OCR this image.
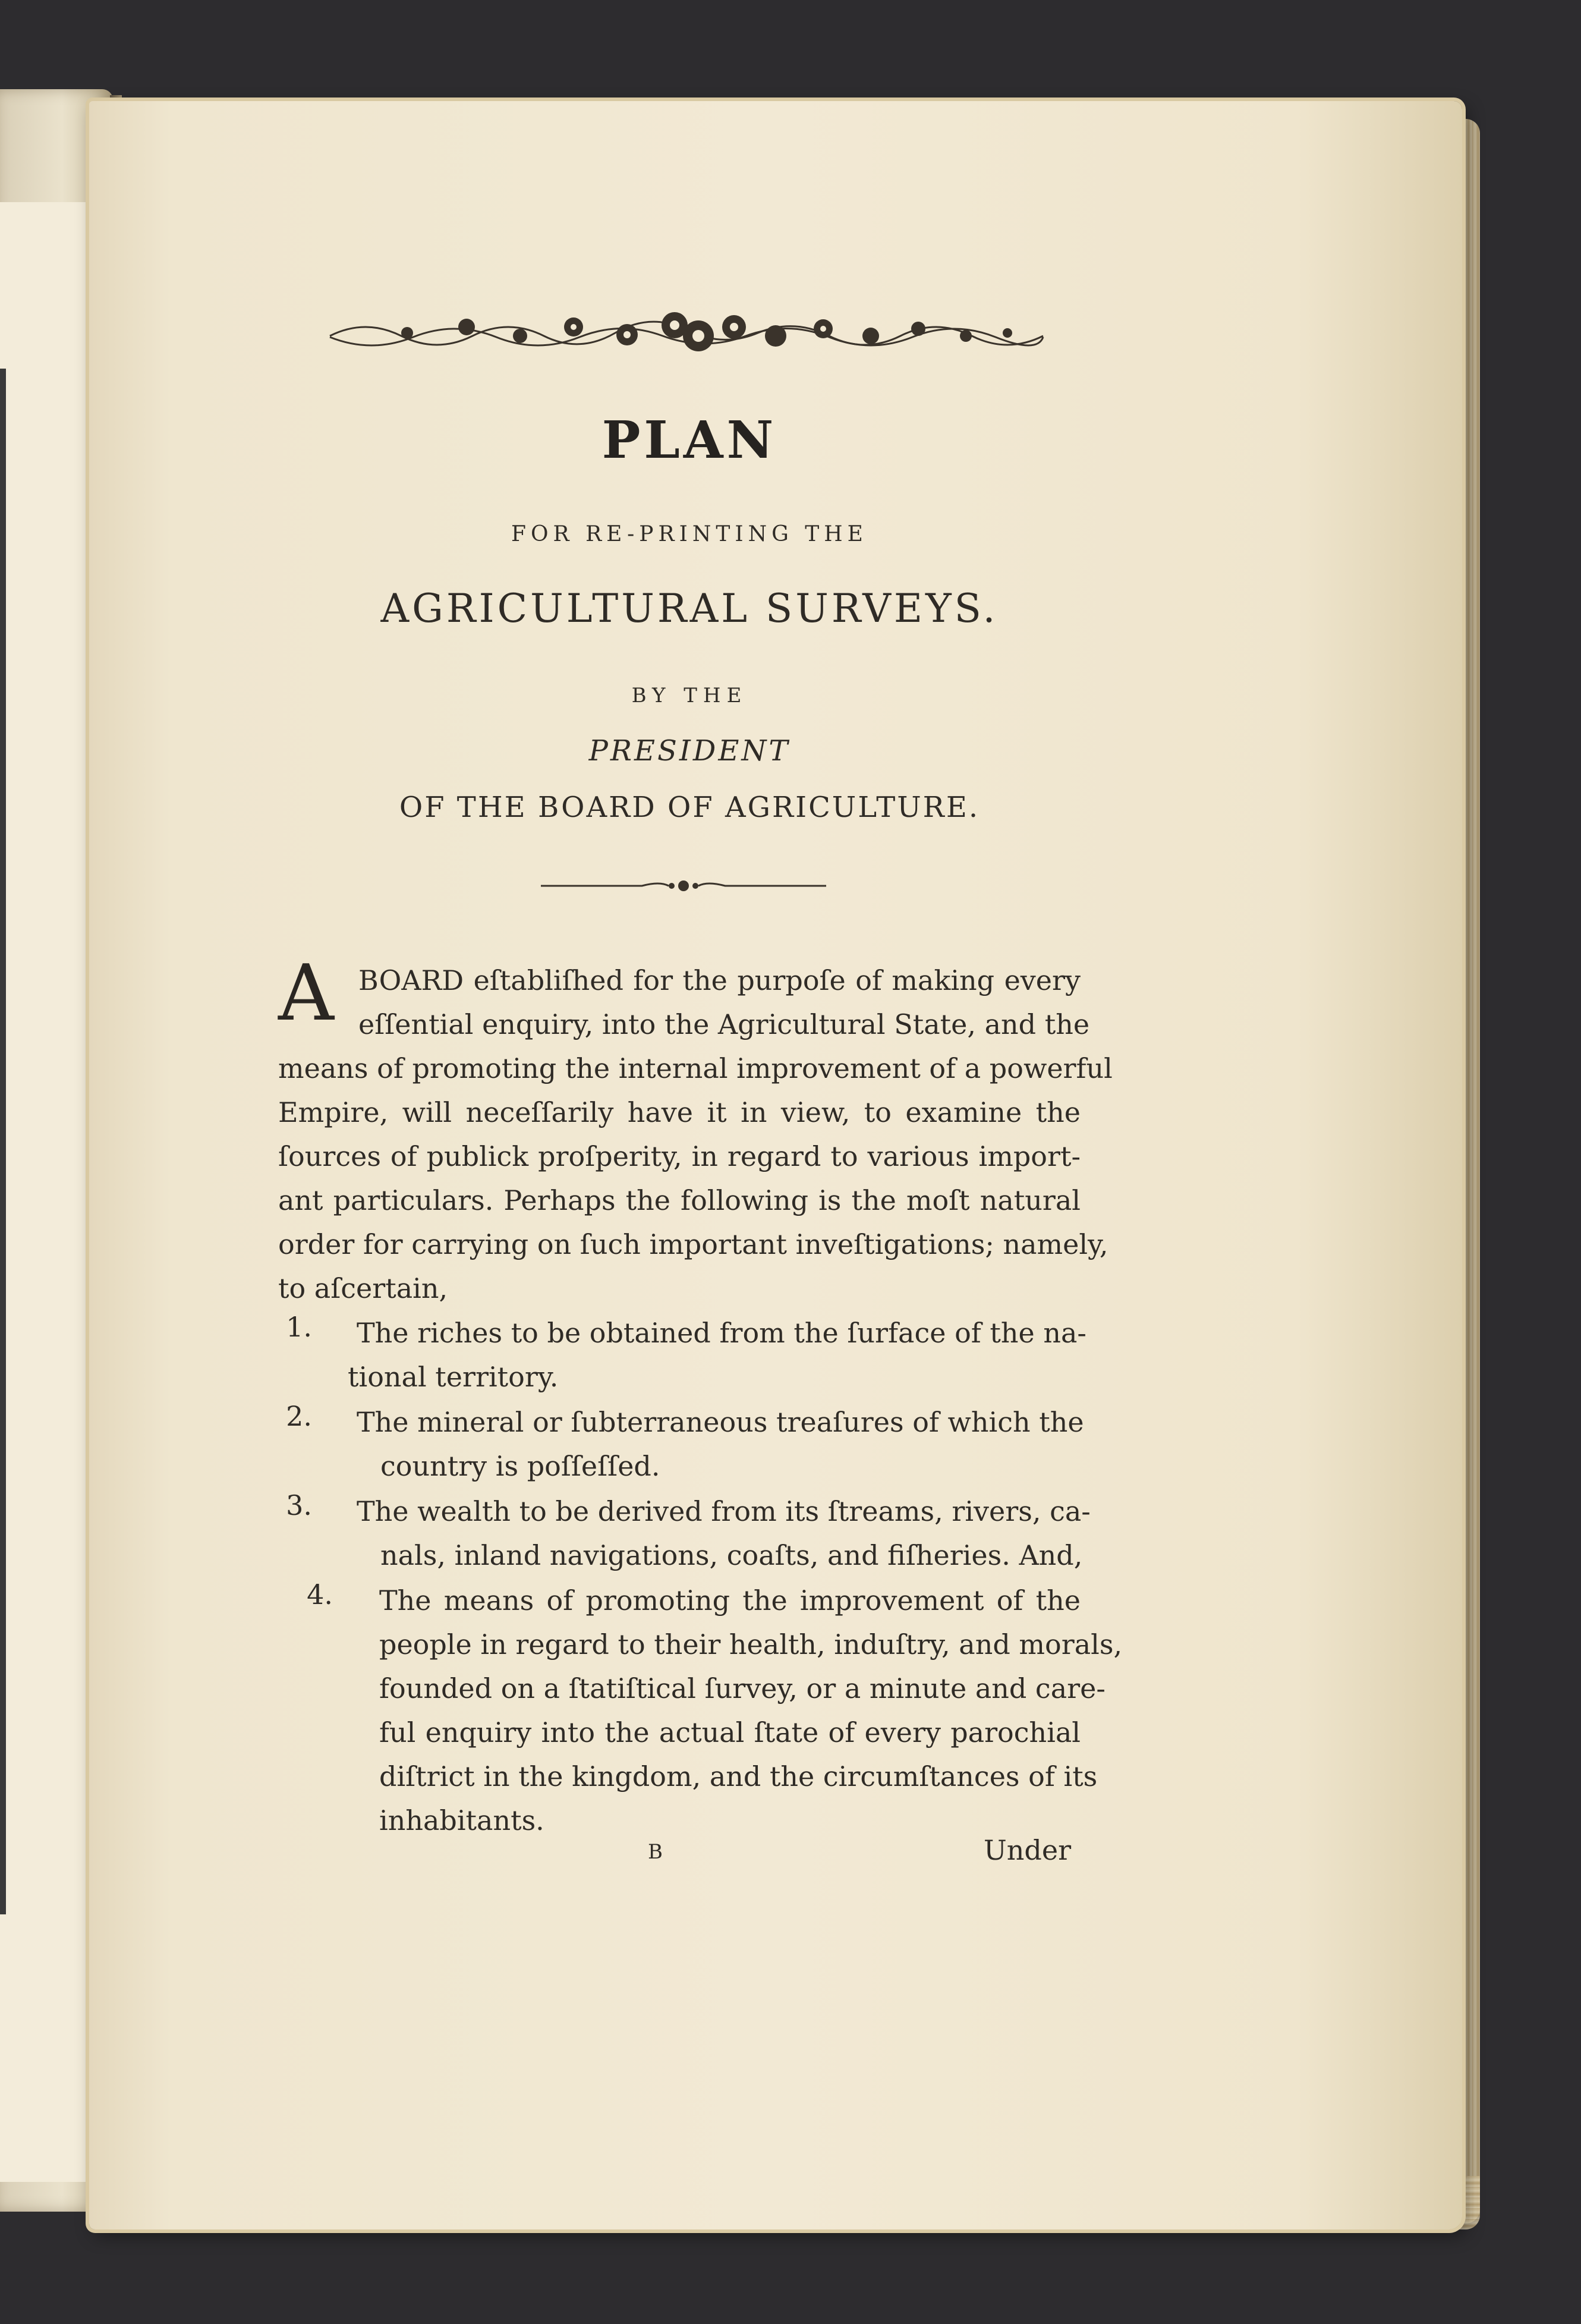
PLAN
FOR RE-PRINTING THE
AGRICULTURAL SURVEYS.
BY THE
PRESIDENT
OF THE BOARD OF AGRICULTURE.
A BOARD eſtabliſhed for the purpoſe of making every
eſſential enquiry, into the Agricultural State, and the
means of promoting the internal improvement of a powerful
Empire, will neceſſarily have it in view, to examine the
ſources of publick proſperity, in regard to various import-
ant particulars. Perhaps the following is the moſt natural
order for carrying on ſuch important inveſtigations; namely,
to aſcertain,
1. The riches to be obtained from the ſurface of the na-
tional territory.
2. The mineral or ſubterraneous treaſures of which the
country is poſſeſſed.
3. The wealth to be derived from its ſtreams, rivers, ca-
nals, inland navigations, coaſts, and fiſheries. And,
4. The means of promoting the improvement of the
people in regard to their health, induſtry, and morals,
founded on a ſtatiſtical ſurvey, or a minute and care-
ful enquiry into the actual ſtate of every parochial
diſtrict in the kingdom, and the circumſtances of its
inhabitants.
B	Under
